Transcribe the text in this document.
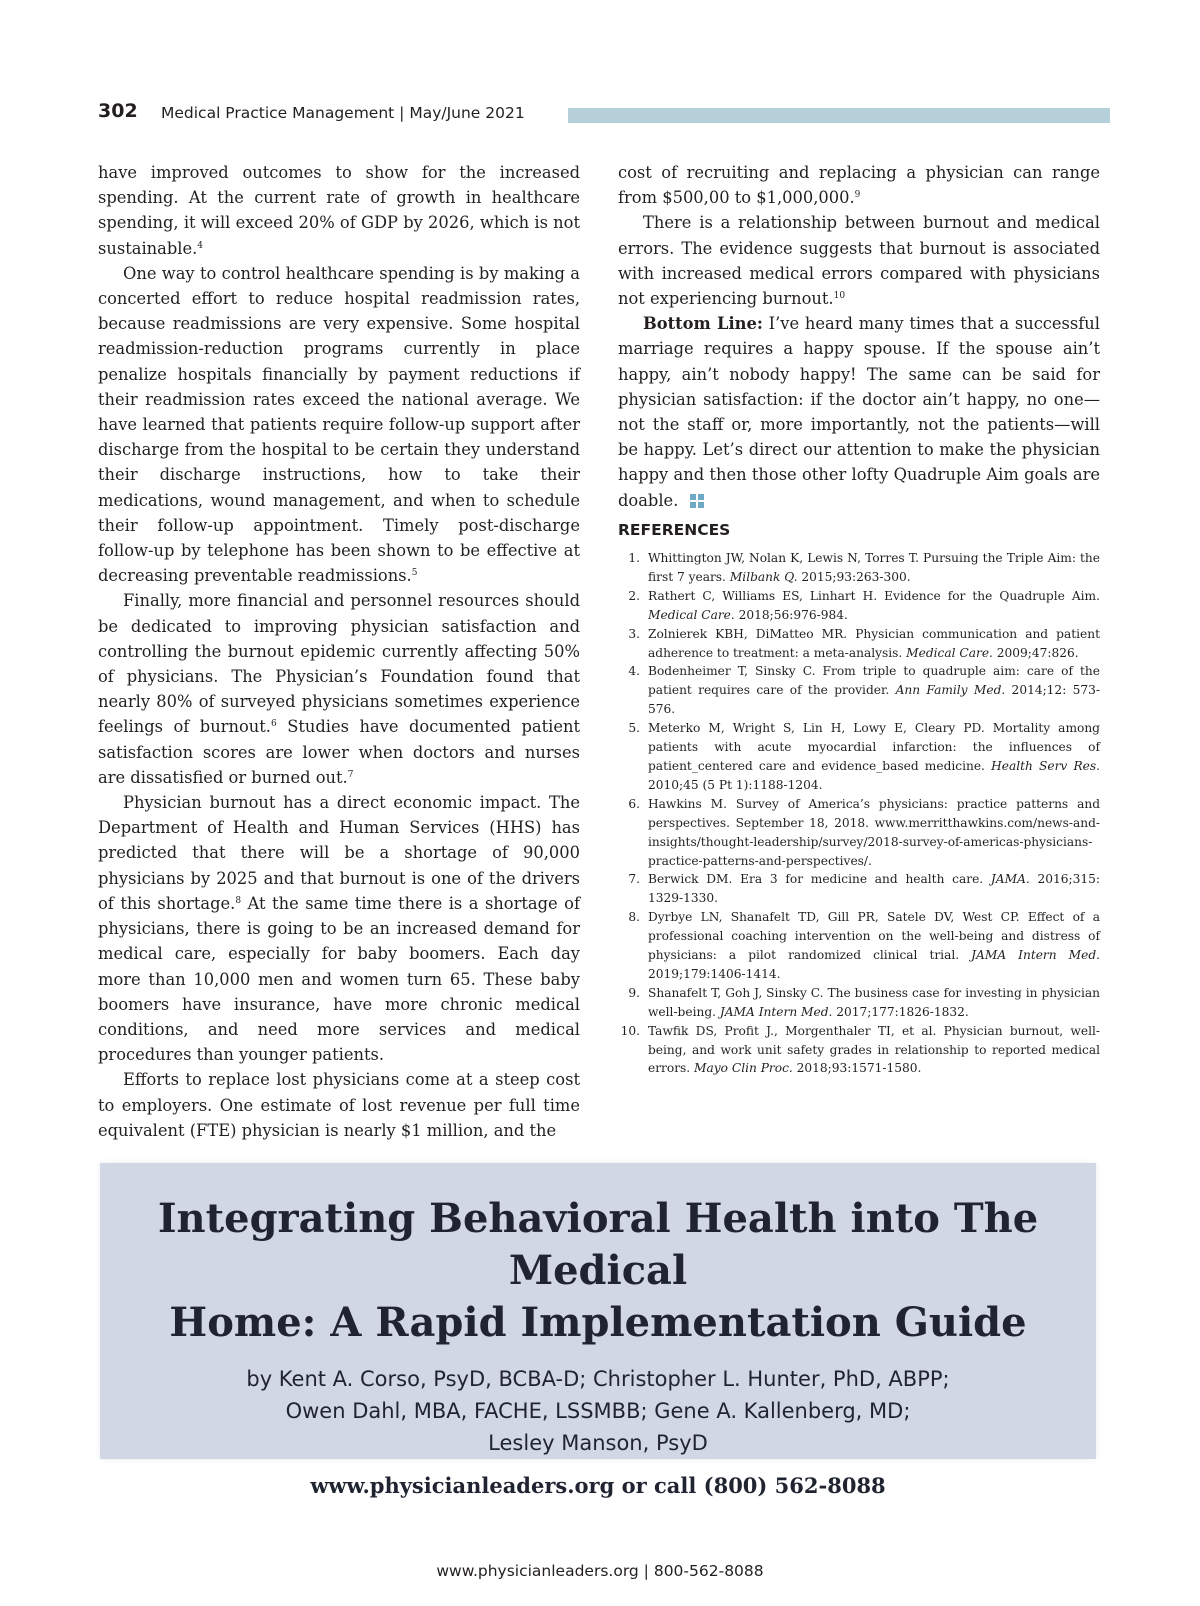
302 Medical Practice Management | May/June 2021

have improved outcomes to show for the increased spending. At the current rate of growth in healthcare spending, it will exceed 20% of GDP by 2026, which is not sustainable.$^4$

One way to control healthcare spending is by making a concerted effort to reduce hospital readmission rates, because readmissions are very expensive. Some hospital readmission-reduction programs currently in place penalize hospitals financially by payment reductions if their readmission rates exceed the national average. We have learned that patients require follow-up support after discharge from the hospital to be certain they understand their discharge instructions, how to take their medications, wound management, and when to schedule their follow-up appointment. Timely post-discharge follow-up by telephone has been shown to be effective at decreasing preventable readmissions.$^5$

Finally, more financial and personnel resources should be dedicated to improving physician satisfaction and controlling the burnout epidemic currently affecting 50% of physicians. The Physician’s Foundation found that nearly 80% of surveyed physicians sometimes experience feelings of burnout.$^6$ Studies have documented patient satisfaction scores are lower when doctors and nurses are dissatisfied or burned out.$^7$

Physician burnout has a direct economic impact. The Department of Health and Human Services (HHS) has predicted that there will be a shortage of 90,000 physicians by 2025 and that burnout is one of the drivers of this shortage.$^8$ At the same time there is a shortage of physicians, there is going to be an increased demand for medical care, especially for baby boomers. Each day more than 10,000 men and women turn 65. These baby boomers have insurance, have more chronic medical conditions, and need more services and medical procedures than younger patients.

Efforts to replace lost physicians come at a steep cost to employers. One estimate of lost revenue per full time equivalent (FTE) physician is nearly $1 million, and the

cost of recruiting and replacing a physician can range from $500,00 to $1,000,000.$^9$

There is a relationship between burnout and medical errors. The evidence suggests that burnout is associated with increased medical errors compared with physicians not experiencing burnout.$^{10}$

Bottom Line: I’ve heard many times that a successful marriage requires a happy spouse. If the spouse ain’t happy, ain’t nobody happy! The same can be said for physician satisfaction: if the doctor ain’t happy, no one—not the staff or, more importantly, not the patients—will be happy. Let’s direct our attention to make the physician happy and then those other lofty Quadruple Aim goals are doable.

REFERENCES
1. Whittington JW, Nolan K, Lewis N, Torres T. Pursuing the Triple Aim: the first 7 years. Milbank Q. 2015;93:263-300.
2. Rathert C, Williams ES, Linhart H. Evidence for the Quadruple Aim. Medical Care. 2018;56:976-984.
3. Zolnierek KBH, DiMatteo MR. Physician communication and patient adherence to treatment: a meta-analysis. Medical Care. 2009;47:826.
4. Bodenheimer T, Sinsky C. From triple to quadruple aim: care of the patient requires care of the provider. Ann Family Med. 2014;12: 573-576.
5. Meterko M, Wright S, Lin H, Lowy E, Cleary PD. Mortality among patients with acute myocardial infarction: the influences of patient_centered care and evidence_based medicine. Health Serv Res. 2010;45 (5 Pt 1):1188-1204.
6. Hawkins M. Survey of America’s physicians: practice patterns and perspectives. September 18, 2018. www.merritthawkins.com/news-and-insights/thought-leadership/survey/2018-survey-of-americas-physicians-practice-patterns-and-perspectives/.
7. Berwick DM. Era 3 for medicine and health care. JAMA. 2016;315: 1329-1330.
8. Dyrbye LN, Shanafelt TD, Gill PR, Satele DV, West CP. Effect of a professional coaching intervention on the well-being and distress of physicians: a pilot randomized clinical trial. JAMA Intern Med. 2019;179:1406-1414.
9. Shanafelt T, Goh J, Sinsky C. The business case for investing in physician well-being. JAMA Intern Med. 2017;177:1826-1832.
10. Tawfik DS, Profit J., Morgenthaler TI, et al. Physician burnout, well-being, and work unit safety grades in relationship to reported medical errors. Mayo Clin Proc. 2018;93:1571-1580.
Integrating Behavioral Health into The Medical
Home: A Rapid Implementation Guide
by Kent A. Corso, PsyD, BCBA-D; Christopher L. Hunter, PhD, ABPP;
Owen Dahl, MBA, FACHE, LSSMBB; Gene A. Kallenberg, MD;
Lesley Manson, PsyD
www.physicianleaders.org or call (800) 562-8088
www.physicianleaders.org | 800-562-8088
